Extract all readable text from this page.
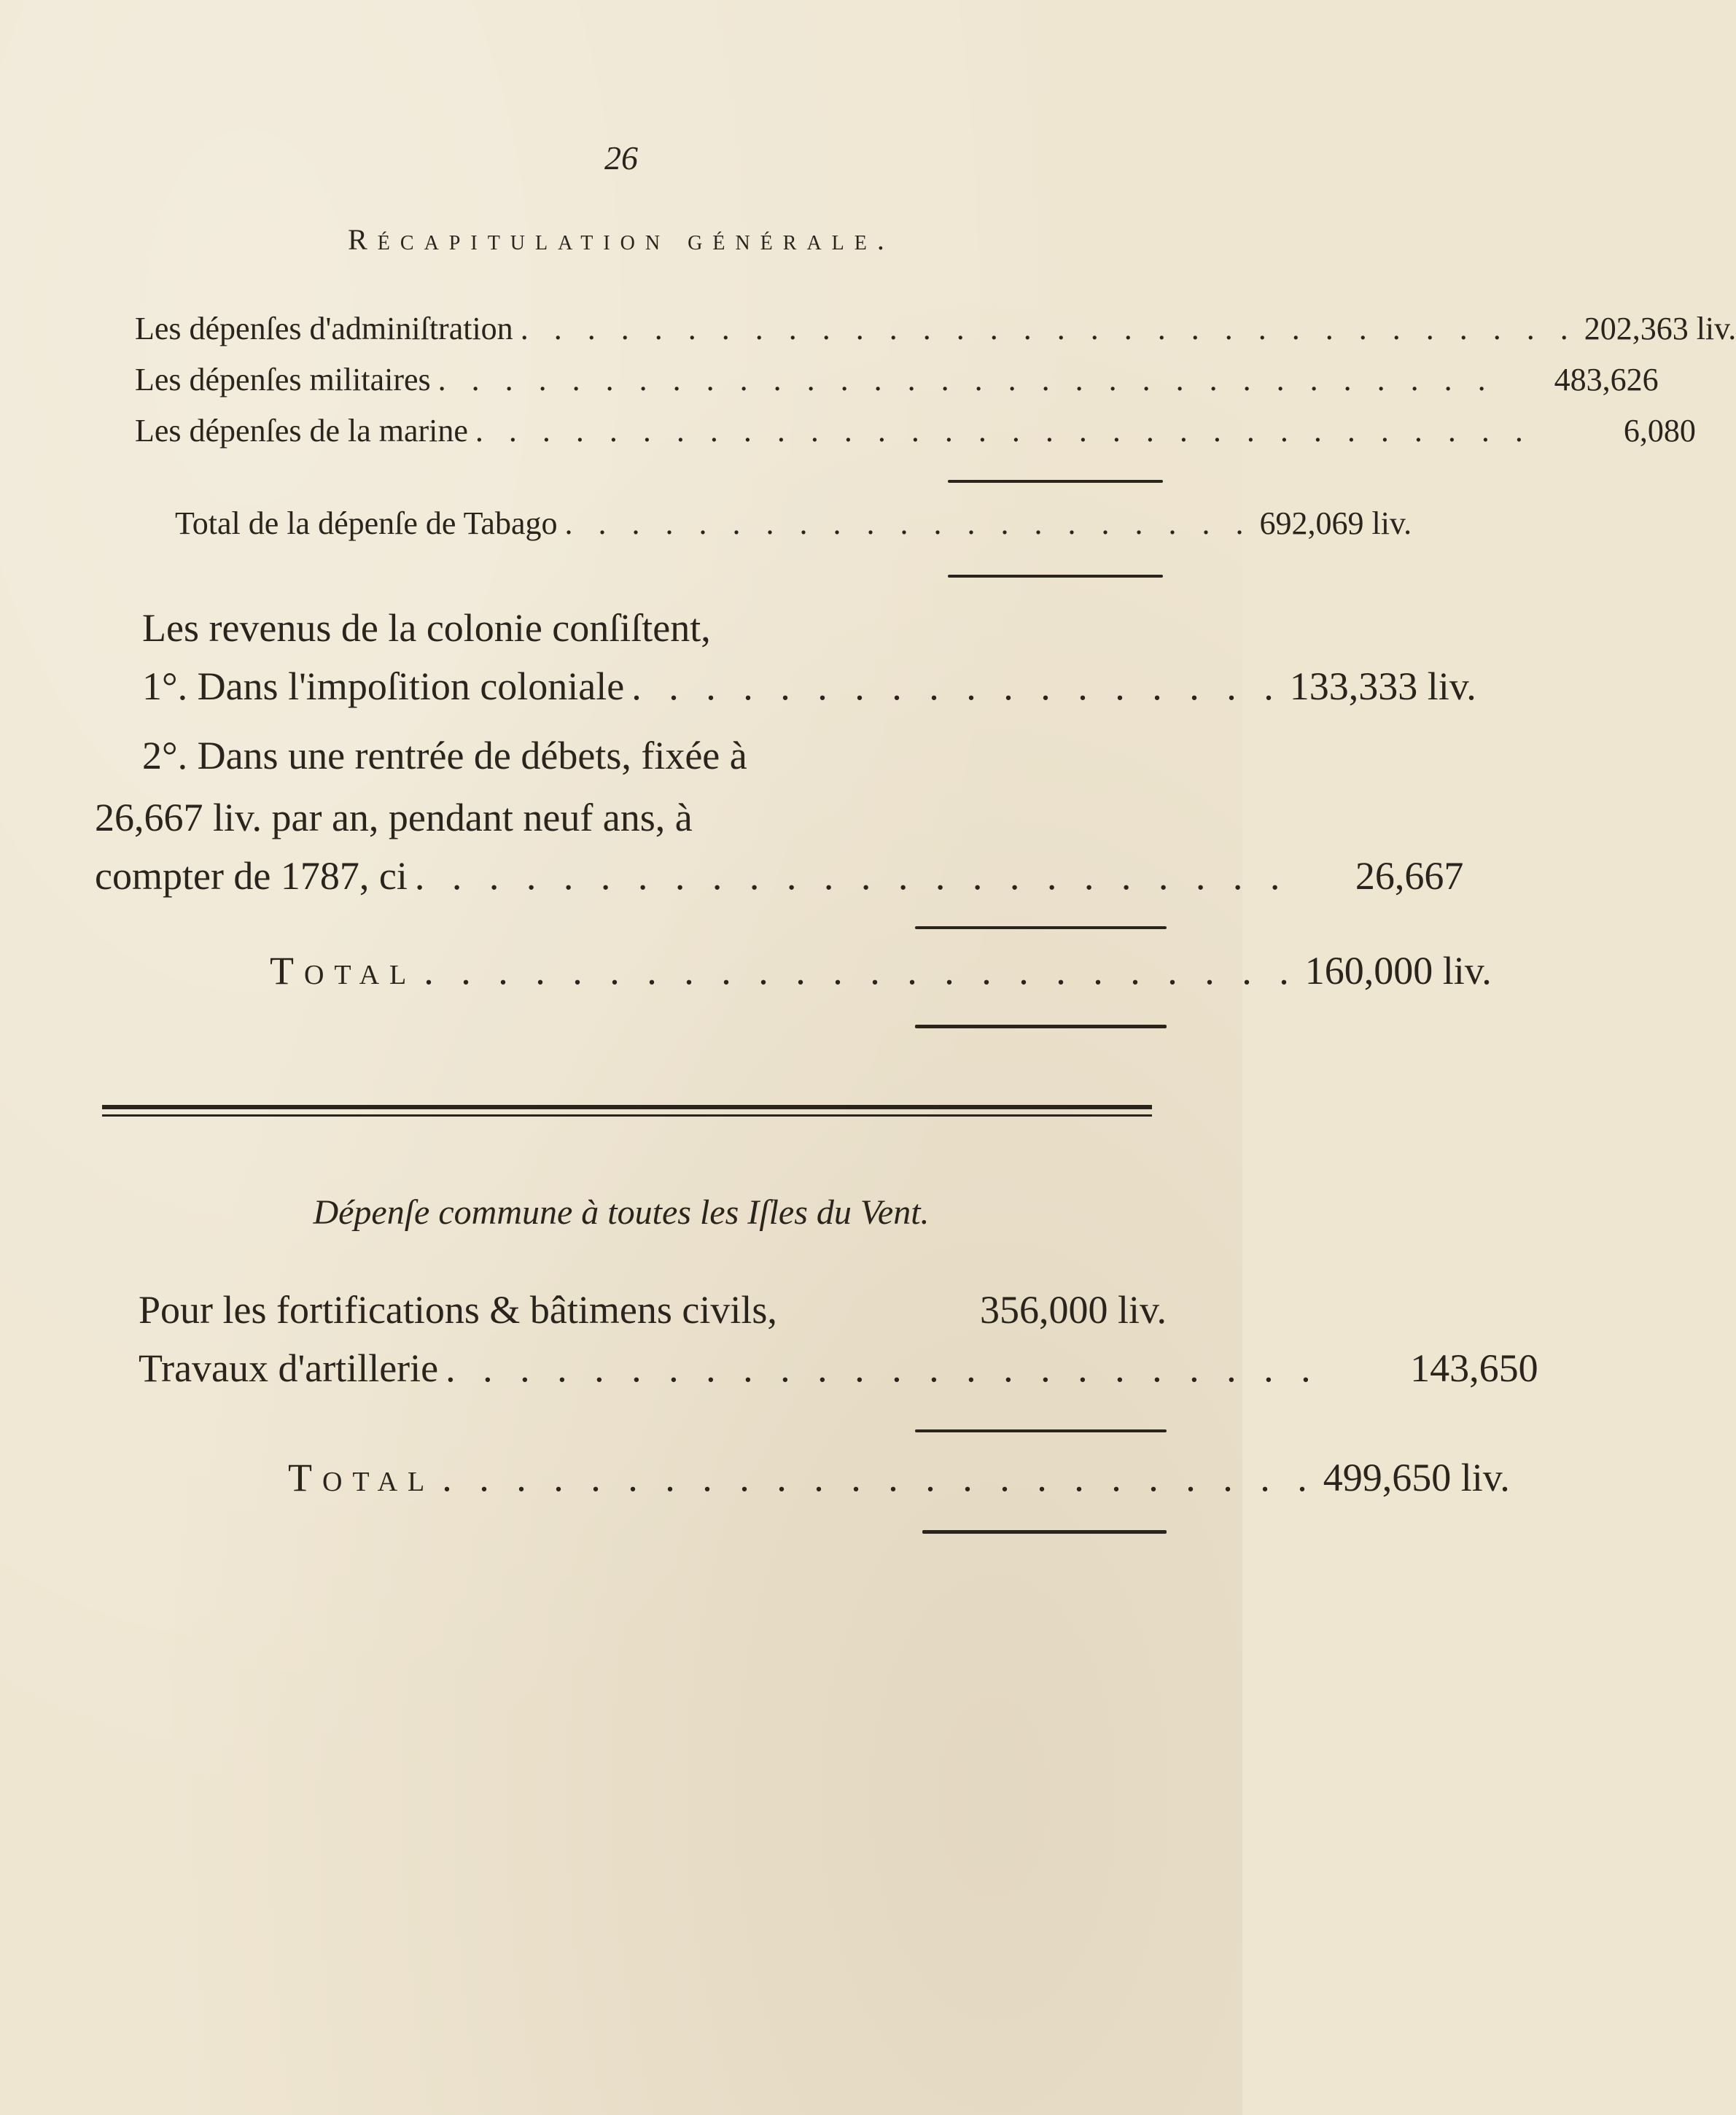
26
Récapitulation générale.
Les dépenſes d'adminiſtration . . . . . . . . . . . . . . . . . . . . . . . . . . . . . . . . 202,363 liv.
Les dépenſes militaires . . . . . . . . . . . . . . . . . . . . . . . . . . . . . . . .	483,626
Les dépenſes de la marine . . . . . . . . . . . . . . . . . . . . . . . . . . . . . . . .	6,080
Total de la dépenſe de Tabago . . . . . . . . . . . . . . . . . . . . . 692,069 liv.
Les revenus de la colonie conſiſtent,
1°. Dans l'impoſition coloniale . . . . . . . . . . . . . . . . . . 133,333 liv.
2°. Dans une rentrée de débets, fixée à
26,667 liv. par an, pendant neuf ans, à
compter de 1787, ci . . . . . . . . . . . . . . . . . . . . . . . .	26,667
Total . . . . . . . . . . . . . . . . . . . . . . . . 160,000 liv.
Dépenſe commune à toutes les Iſles du Vent.
Pour les fortifications & bâtimens civils,	356,000 liv.
Travaux d'artillerie . . . . . . . . . . . . . . . . . . . . . . . .	143,650
Total . . . . . . . . . . . . . . . . . . . . . . . . 499,650 liv.
